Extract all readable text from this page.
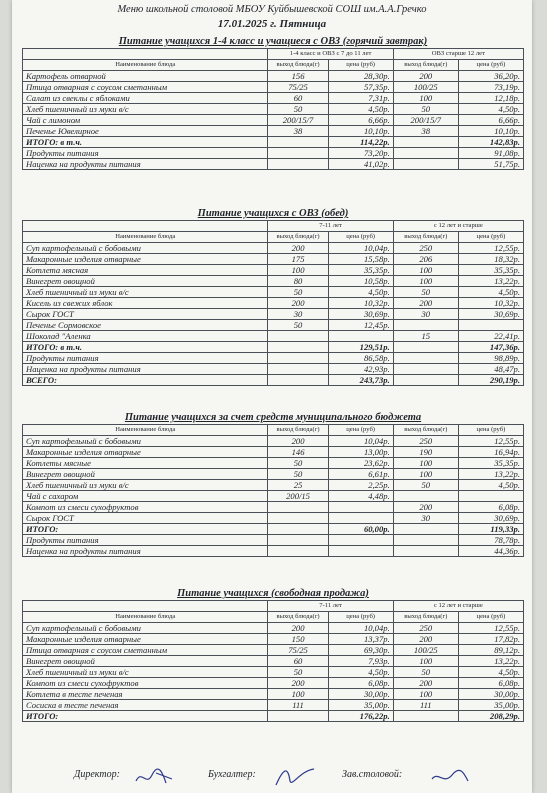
Меню школьной столовой МБОУ Куйбышевской СОШ им.А.А.Гречко
17.01.2025 г. Пятница
Питание учащихся 1-4 класс и учащиеся с ОВЗ (горячий завтрак)
	1-4 класс и ОВЗ с 7 до 11 лет		ОВЗ старше 12 лет	
Наименование блюда	выход блюда(г)	цена (руб)	выход блюда(г)	цена (руб)
Картофель отварной	156	28,30р.	200	36,20р.
Птица отварная с соусом сметанным	75/25	57,35р.	100/25	73,19р.
Салат из свеклы с яблоками	60	7,31р.	100	12,18р.
Хлеб пшеничный из муки в/с	50	4,50р.	50	4,50р.
Чай с лимоном	200/15/7	6,66р.	200/15/7	6,66р.
Печенье Ювелирное	38	10,10р.	38	10,10р.
ИТОГО: в т.ч.		114,22р.		142,83р.
Продукты питания		73,20р.		91,08р.
Наценка на продукты питания		41,02р.		51,75р.
Питание учащихся с ОВЗ (обед)
	7-11 лет		с 12 лет и старше	
Наименование блюда	выход блюда(г)	цена (руб)	выход блюда(г)	цена (руб)
Суп картофельный с бобовыми	200	10,04р.	250	12,55р.
Макаронные изделия отварные	175	15,58р.	206	18,32р.
Котлета мясная	100	35,35р.	100	35,35р.
Винегрет овощной	80	10,58р.	100	13,22р.
Хлеб пшеничный из муки в/с	50	4,50р.	50	4,50р.
Кисель из свежих яблок	200	10,32р.	200	10,32р.
Сырок ГОСТ	30	30,69р.	30	30,69р.
Печенье Сормовское	50	12,45р.		
Шоколад "Аленка			15	22,41р.
ИТОГО: в т.ч.		129,51р.		147,36р.
Продукты питания		86,58р.		98,89р.
Наценка на продукты питания		42,93р.		48,47р.
ВСЕГО:		243,73р.		290,19р.
Питание учащихся за счет средств муниципального бюджета
Наименование блюда	выход блюда(г)	цена (руб)	выход блюда(г)	цена (руб)
Суп картофельный с бобовыми	200	10,04р.	250	12,55р.
Макаронные изделия отварные	146	13,00р.	190	16,94р.
Котлеты мясные	50	23,62р.	100	35,35р.
Винегрет овощной	50	6,61р.	100	13,22р.
Хлеб пшеничный из муки в/с	25	2,25р.	50	4,50р.
Чай с сахаром	200/15	4,48р.		
Компот из смеси сухофруктов			200	6,08р.
Сырок ГОСТ			30	30,69р.
ИТОГО:		60,00р.		119,33р.
Продукты питания				78,78р.
Наценка на продукты питания				44,36р.
Питание учащихся (свободная продажа)
	7-11 лет		с 12 лет и старше	
Наименование блюда	выход блюда(г)	цена (руб)	выход блюда(г)	цена (руб)
Суп картофельный с бобовыми	200	10,04р.	250	12,55р.
Макаронные изделия отварные	150	13,37р.	200	17,82р.
Птица отварная с соусом сметанным	75/25	69,30р.	100/25	89,12р.
Винегрет овощной	60	7,93р.	100	13,22р.
Хлеб пшеничный из муки в/с	50	4,50р.	50	4,50р.
Компот из смеси сухофруктов	200	6,08р.	200	6,08р.
Котлета в тесте печеная	100	30,00р.	100	30,00р.
Сосиска в тесте печеная	111	35,00р.	111	35,00р.
ИТОГО:		176,22р.		208,29р.
Директор:	Бухгалтер:	Зав.столовой:
